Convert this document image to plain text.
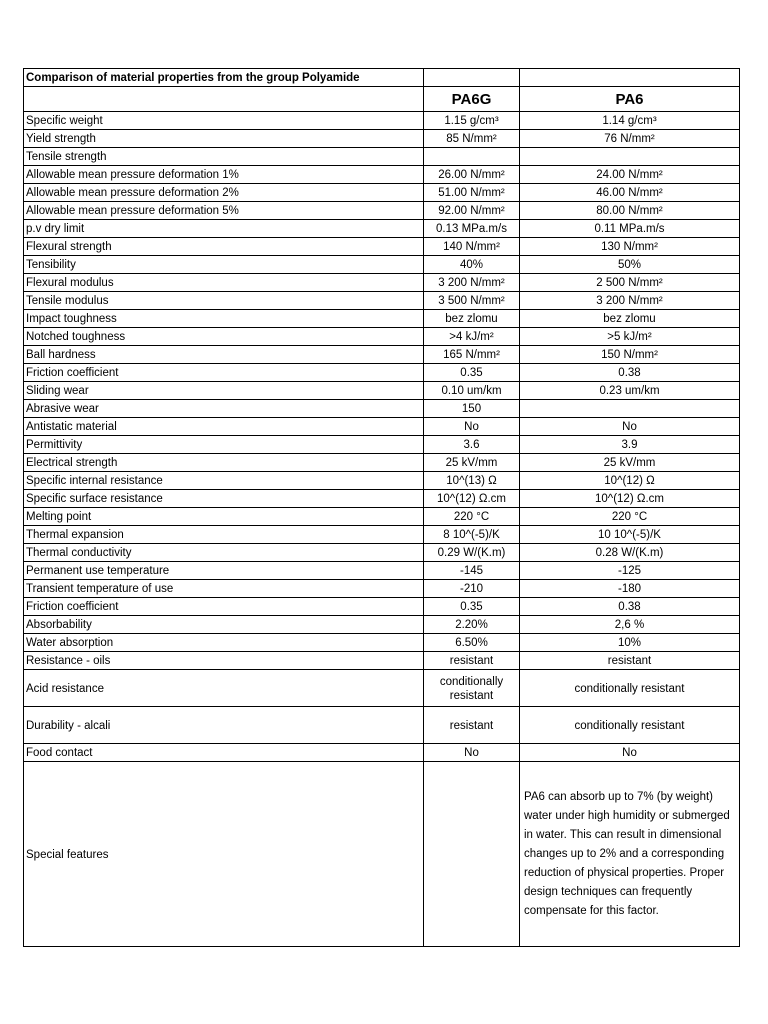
Comparison of material properties from the group Polyamide		
	PA6G	PA6
Specific weight	1.15 g/cm³	1.14 g/cm³
Yield strength	85 N/mm²	76 N/mm²
Tensile strength		
Allowable mean pressure deformation 1%	26.00 N/mm²	24.00 N/mm²
Allowable mean pressure deformation 2%	51.00 N/mm²	46.00 N/mm²
Allowable mean pressure deformation 5%	92.00 N/mm²	80.00 N/mm²
p.v dry limit	0.13 MPa.m/s	0.11 MPa.m/s
Flexural strength	140 N/mm²	130 N/mm²
Tensibility	40%	50%
Flexural modulus	3 200 N/mm²	2 500 N/mm²
Tensile modulus	3 500 N/mm²	3 200 N/mm²
Impact toughness	bez zlomu	bez zlomu
Notched toughness	>4 kJ/m²	>5 kJ/m²
Ball hardness	165 N/mm²	150 N/mm²
Friction coefficient	0.35	0.38
Sliding wear	0.10 um/km	0.23 um/km
Abrasive wear	150	
Antistatic material	No	No
Permittivity	3.6	3.9
Electrical strength	25 kV/mm	25 kV/mm
Specific internal resistance	10^(13) Ω	10^(12) Ω
Specific surface resistance	10^(12) Ω.cm	10^(12) Ω.cm
Melting point	220 °C	220 °C
Thermal expansion	8 10^(-5)/K	10 10^(-5)/K
Thermal conductivity	0.29 W/(K.m)	0.28 W/(K.m)
Permanent use temperature	-145	-125
Transient temperature of use	-210	-180
Friction coefficient	0.35	0.38
Absorbability	2.20%	2,6 %
Water absorption	6.50%	10%
Resistance - oils	resistant	resistant
Acid resistance	conditionally resistant	conditionally resistant
Durability - alcali	resistant	conditionally resistant
Food contact	No	No
Special features		PA6 can absorb up to 7% (by weight) water under high humidity or submerged in water. This can result in dimensional changes up to 2% and a corresponding reduction of physical properties. Proper design techniques can frequently compensate for this factor.
